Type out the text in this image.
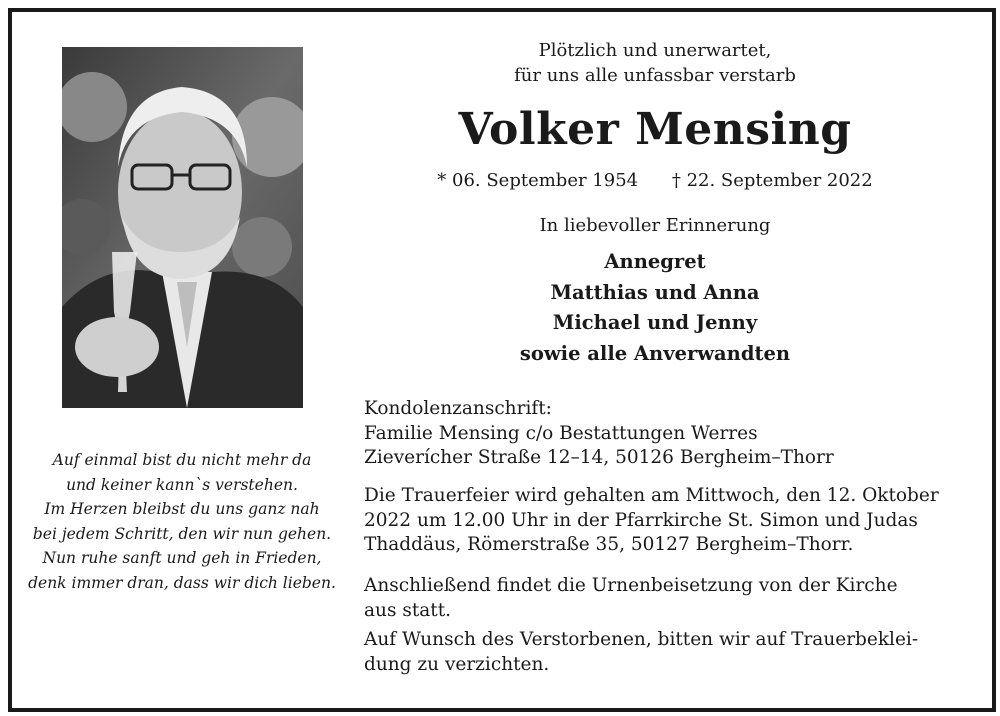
Auf einmal bist du nicht mehr da
und keiner kann`s verstehen.
Im Herzen bleibst du uns ganz nah
bei jedem Schritt, den wir nun gehen.
Nun ruhe sanft und geh in Frieden,
denk immer dran, dass wir dich lieben.
Plötzlich und unerwartet,
für uns alle unfassbar verstarb
Volker Mensing
* 06. September 1954 † 22. September 2022
In liebevoller Erinnerung
Annegret
Matthias und Anna
Michael und Jenny
sowie alle Anverwandten
Kondolenzanschrift:
Familie Mensing c/o Bestattungen Werres
Zieverícher Straße 12–14, 50126 Bergheim–Thorr
Die Trauerfeier wird gehalten am Mittwoch, den 12. Oktober
2022 um 12.00 Uhr in der Pfarrkirche St. Simon und Judas
Thaddäus, Römerstraße 35, 50127 Bergheim–Thorr.
Anschließend findet die Urnenbeisetzung von der Kirche
aus statt.
Auf Wunsch des Verstorbenen, bitten wir auf Trauerbeklei-
dung zu verzichten.
